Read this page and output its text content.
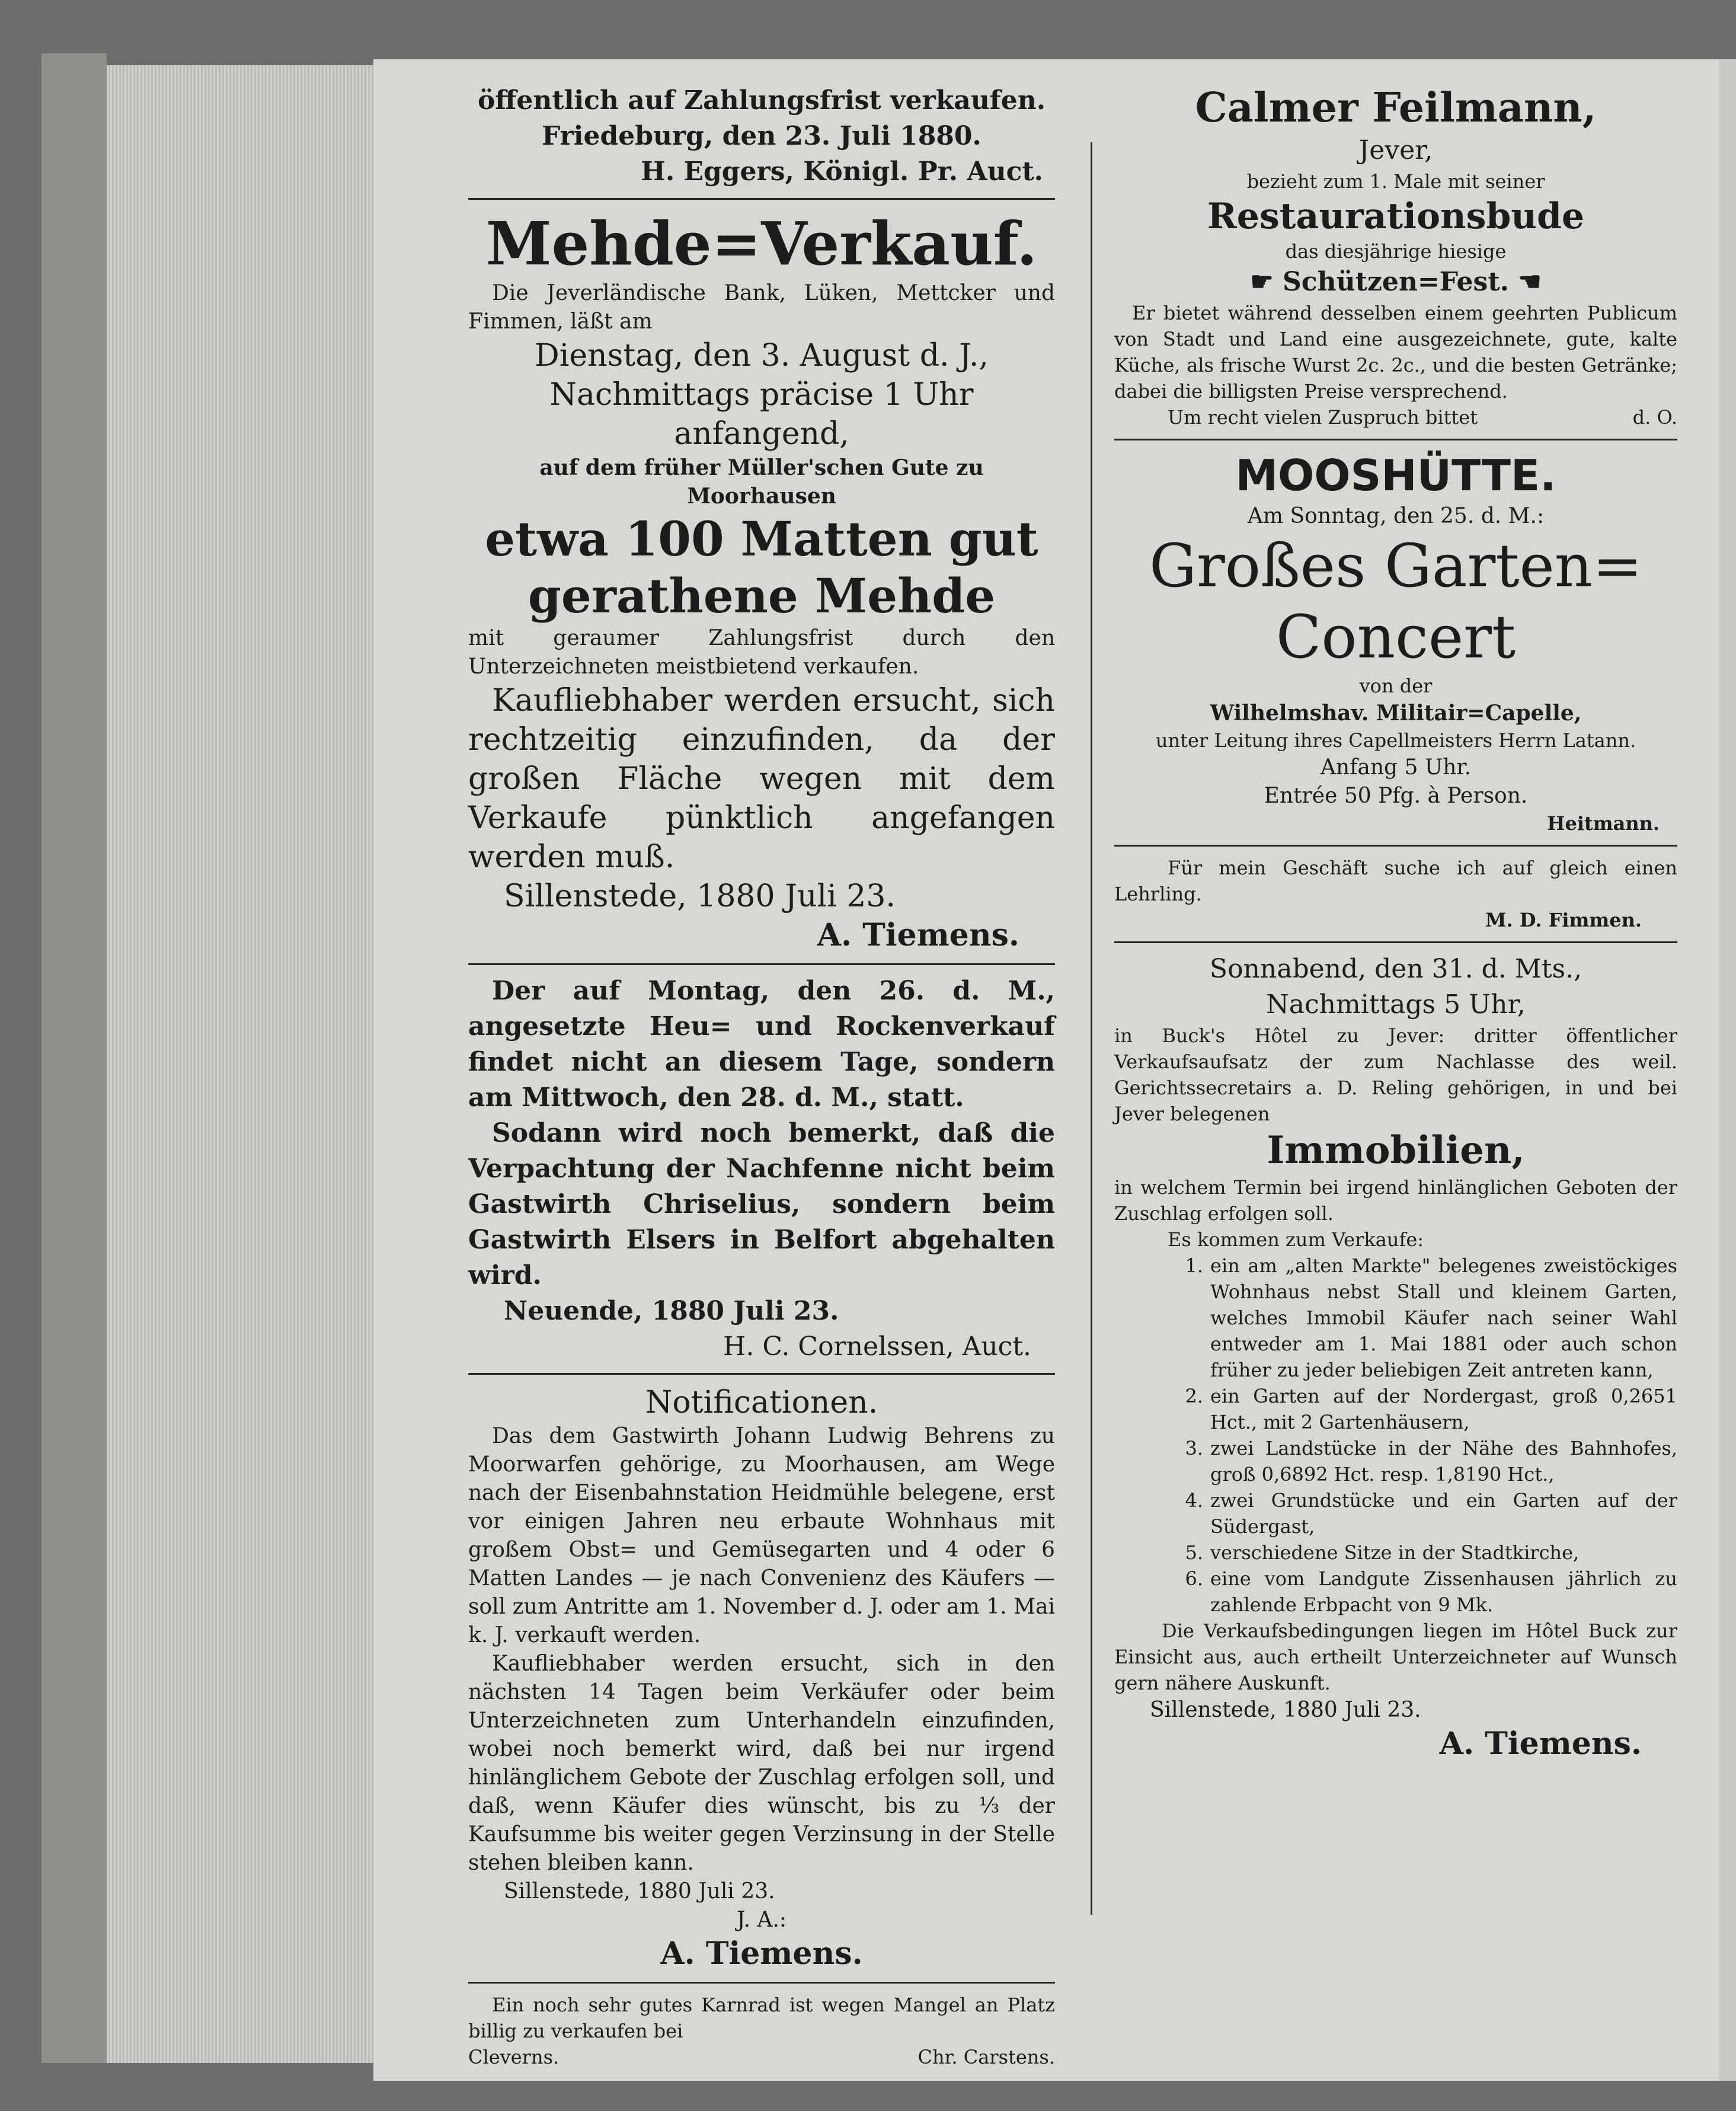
öffentlich auf Zahlungsfrist verkaufen.

Friedeburg, den 23. Juli 1880.

H. Eggers, Königl. Pr. Auct.

Mehde=Verkauf.

Die Jeverländische Bank, Lüken, Mettcker und Fimmen, läßt am

Dienstag, den 3. August d. J.,

Nachmittags präcise 1 Uhr anfangend,

auf dem früher Müller'schen Gute zu Moorhausen

etwa 100 Matten gut

gerathene Mehde

mit geraumer Zahlungsfrist durch den Unterzeichneten meistbietend verkaufen.

Kaufliebhaber werden ersucht, sich rechtzeitig einzufinden, da der großen Fläche wegen mit dem Verkaufe pünktlich angefangen werden muß.

Sillenstede, 1880 Juli 23.

A. Tiemens.

Der auf Montag, den 26. d. M., angesetzte Heu= und Rockenverkauf findet nicht an diesem Tage, sondern am Mittwoch, den 28. d. M., statt.

Sodann wird noch bemerkt, daß die Verpachtung der Nachfenne nicht beim Gastwirth Chriselius, sondern beim Gastwirth Elsers in Belfort abgehalten wird.

Neuende, 1880 Juli 23.

H. C. Cornelssen, Auct.

Notificationen.

Das dem Gastwirth Johann Ludwig Behrens zu Moorwarfen gehörige, zu Moorhausen, am Wege nach der Eisenbahnstation Heidmühle belegene, erst vor einigen Jahren neu erbaute Wohnhaus mit großem Obst= und Gemüsegarten und 4 oder 6 Matten Landes — je nach Convenienz des Käufers — soll zum Antritte am 1. November d. J. oder am 1. Mai k. J. verkauft werden.

Kaufliebhaber werden ersucht, sich in den nächsten 14 Tagen beim Verkäufer oder beim Unterzeichneten zum Unterhandeln einzufinden, wobei noch bemerkt wird, daß bei nur irgend hinlänglichem Gebote der Zuschlag erfolgen soll, und daß, wenn Käufer dies wünscht, bis zu ⅓ der Kaufsumme bis weiter gegen Verzinsung in der Stelle stehen bleiben kann.

Sillenstede, 1880 Juli 23.

J. A.:

A. Tiemens.

Ein noch sehr gutes Karnrad ist wegen Mangel an Platz billig zu verkaufen bei

Cleverns.	Chr. Carstens.

Calmer Feilmann,

Jever,

bezieht zum 1. Male mit seiner

Restaurationsbude

das diesjährige hiesige

☛ Schützen=Fest. ☚

Er bietet während desselben einem geehrten Publicum von Stadt und Land eine ausgezeichnete, gute, kalte Küche, als frische Wurst 2c. 2c., und die besten Getränke; dabei die billigsten Preise versprechend.

Um recht vielen Zuspruch bittet	d. O.

MOOSHÜTTE.

Am Sonntag, den 25. d. M.:

Großes Garten=

Concert

von der

Wilhelmshav. Militair=Capelle,

unter Leitung ihres Capellmeisters Herrn Latann.

Anfang 5 Uhr.

Entrée 50 Pfg. à Person.

Heitmann.

Für mein Geschäft suche ich auf gleich einen Lehrling.

M. D. Fimmen.

Sonnabend, den 31. d. Mts.,

Nachmittags 5 Uhr,

in Buck's Hôtel zu Jever: dritter öffentlicher Verkaufsaufsatz der zum Nachlasse des weil. Gerichtssecretairs a. D. Reling gehörigen, in und bei Jever belegenen

Immobilien,

in welchem Termin bei irgend hinlänglichen Geboten der Zuschlag erfolgen soll.

Es kommen zum Verkaufe:

1. ein am „alten Markte" belegenes zweistöckiges Wohnhaus nebst Stall und kleinem Garten, welches Immobil Käufer nach seiner Wahl entweder am 1. Mai 1881 oder auch schon früher zu jeder beliebigen Zeit antreten kann,
2. ein Garten auf der Nordergast, groß 0,2651 Hct., mit 2 Gartenhäusern,
3. zwei Landstücke in der Nähe des Bahnhofes, groß 0,6892 Hct. resp. 1,8190 Hct.,
4. zwei Grundstücke und ein Garten auf der Südergast,
5. verschiedene Sitze in der Stadtkirche,
6. eine vom Landgute Zissenhausen jährlich zu zahlende Erbpacht von 9 Mk.

Die Verkaufsbedingungen liegen im Hôtel Buck zur Einsicht aus, auch ertheilt Unterzeichneter auf Wunsch gern nähere Auskunft.

Sillenstede, 1880 Juli 23.

A. Tiemens.
